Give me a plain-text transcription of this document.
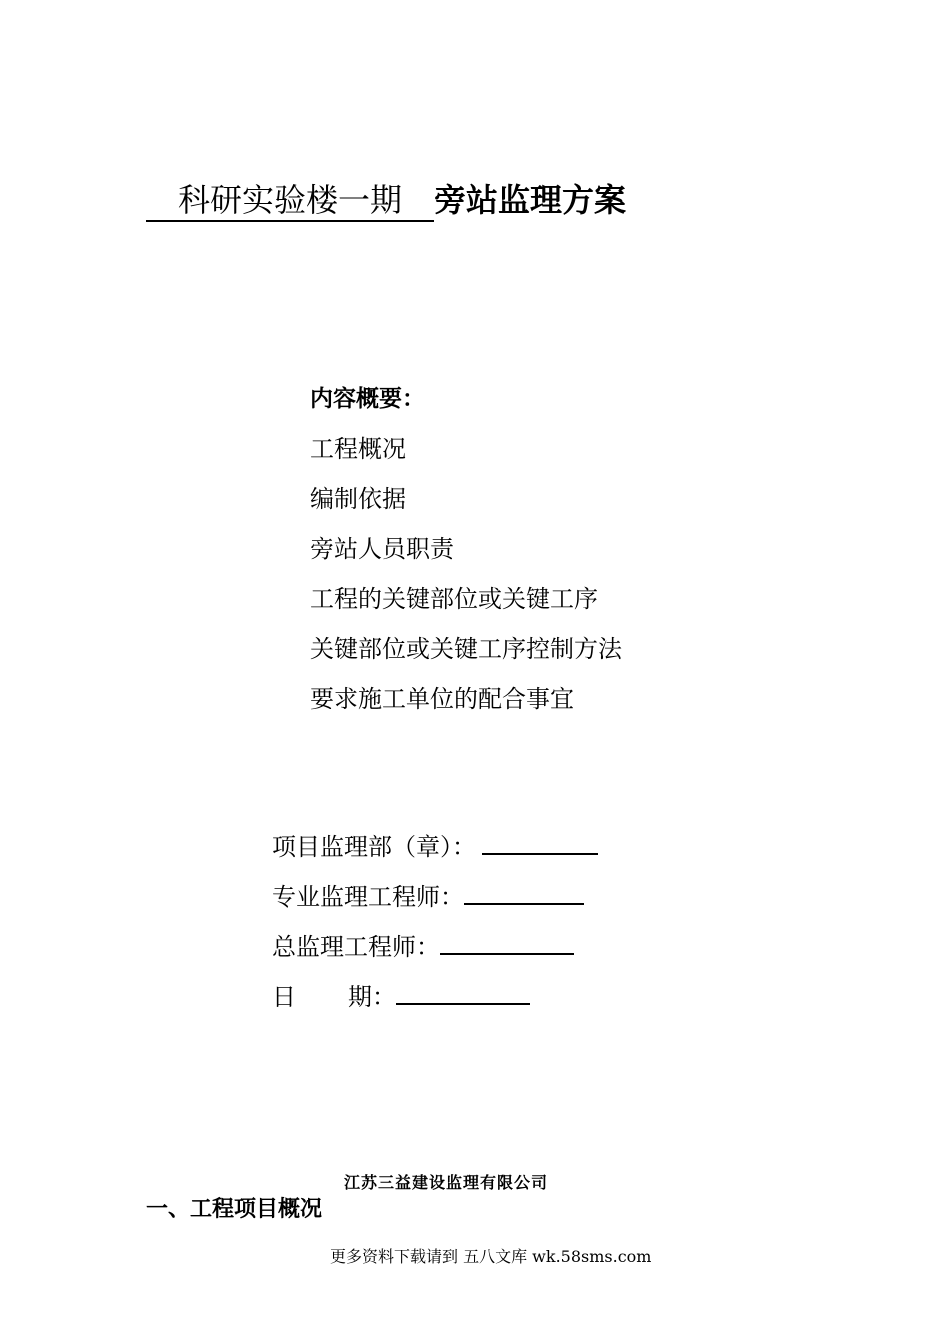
科研实验楼一期 旁站监理方案
内容概要：
工程概况
编制依据
旁站人员职责
工程的关键部位或关键工序
关键部位或关键工序控制方法
要求施工单位的配合事宜
项目监理部（章）：
专业监理工程师：
总监理工程师：
日 期：
江苏三益建设监理有限公司
一、工程项目概况
更多资料下载请到 五八文库 wk.58sms.com
